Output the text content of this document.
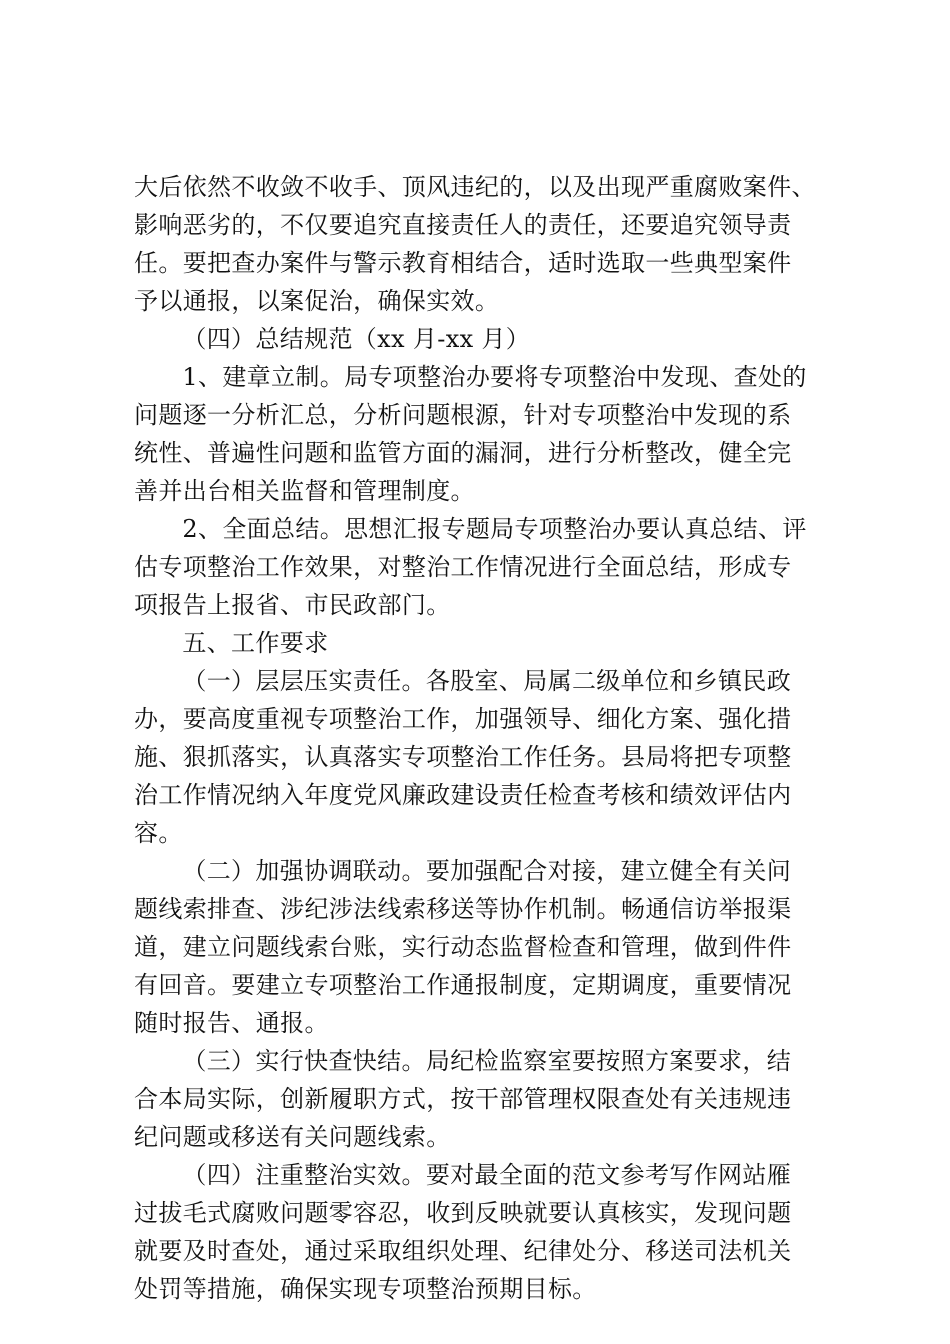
大后依然不收敛不收手、顶风违纪的，以及出现严重腐败案件、
影响恶劣的，不仅要追究直接责任人的责任，还要追究领导责
任。要把查办案件与警示教育相结合，适时选取一些典型案件
予以通报，以案促治，确保实效。
　（四）总结规范（xx 月-xx 月）
　1、建章立制。局专项整治办要将专项整治中发现、查处的
问题逐一分析汇总，分析问题根源，针对专项整治中发现的系
统性、普遍性问题和监管方面的漏洞，进行分析整改，健全完
善并出台相关监督和管理制度。
　2、全面总结。思想汇报专题局专项整治办要认真总结、评
估专项整治工作效果，对整治工作情况进行全面总结，形成专
项报告上报省、市民政部门。
　五、工作要求
　（一）层层压实责任。各股室、局属二级单位和乡镇民政
办，要高度重视专项整治工作，加强领导、细化方案、强化措
施、狠抓落实，认真落实专项整治工作任务。县局将把专项整
治工作情况纳入年度党风廉政建设责任检查考核和绩效评估内
容。
　（二）加强协调联动。要加强配合对接，建立健全有关问
题线索排查、涉纪涉法线索移送等协作机制。畅通信访举报渠
道，建立问题线索台账，实行动态监督检查和管理，做到件件
有回音。要建立专项整治工作通报制度，定期调度，重要情况
随时报告、通报。
　（三）实行快查快结。局纪检监察室要按照方案要求，结
合本局实际，创新履职方式，按干部管理权限查处有关违规违
纪问题或移送有关问题线索。
　（四）注重整治实效。要对最全面的范文参考写作网站雁
过拔毛式腐败问题零容忍，收到反映就要认真核实，发现问题
就要及时查处，通过采取组织处理、纪律处分、移送司法机关
处罚等措施，确保实现专项整治预期目标。
